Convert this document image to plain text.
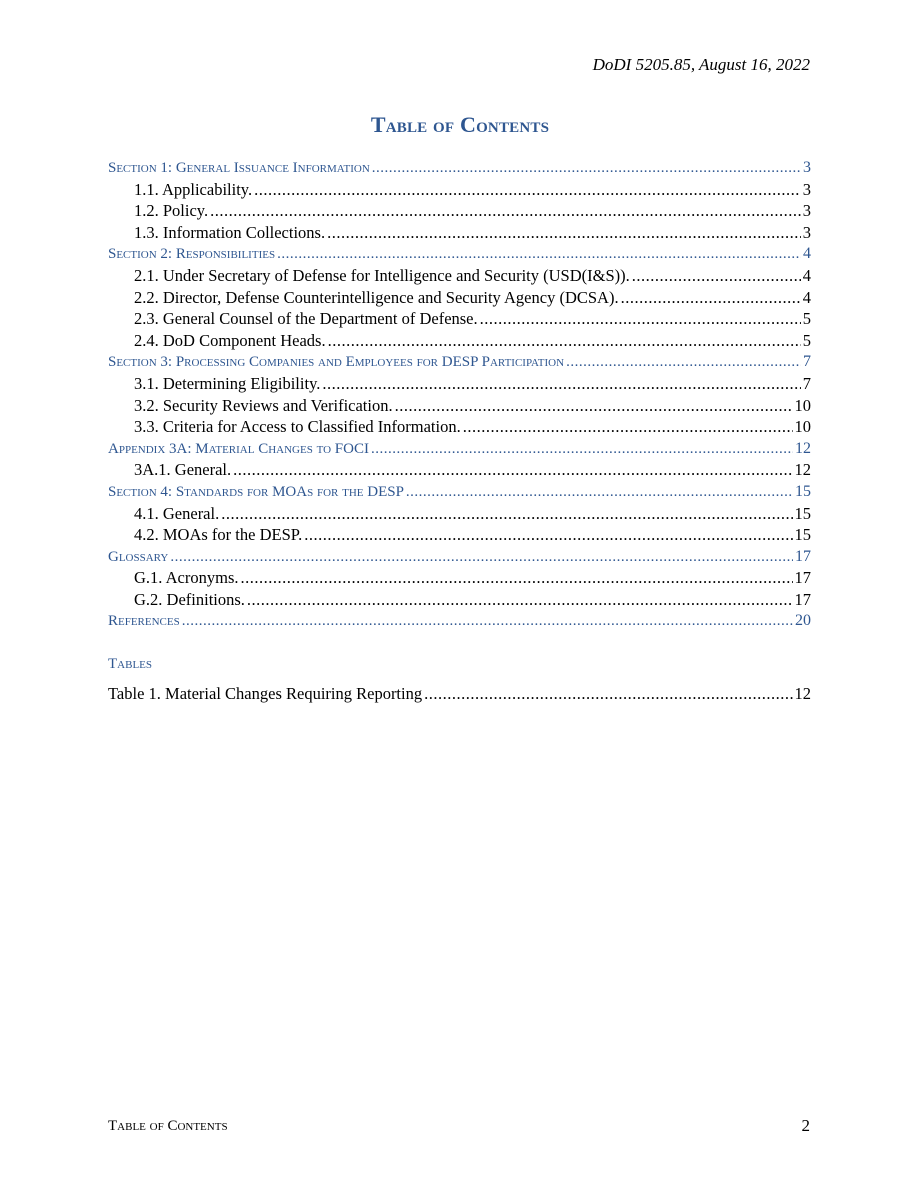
DoDI 5205.85, August 16, 2022
Table of Contents
Section 1: General Issuance Information .....	3
1.1. Applicability. .....	3
1.2. Policy. .....	3
1.3. Information Collections. .....	3
Section 2: Responsibilities .....	4
2.1. Under Secretary of Defense for Intelligence and Security (USD(I&S)). .....	4
2.2. Director, Defense Counterintelligence and Security Agency (DCSA). .....	4
2.3. General Counsel of the Department of Defense. .....	5
2.4. DoD Component Heads. .....	5
Section 3: Processing Companies and Employees for DESP Participation .....	7
3.1. Determining Eligibility. .....	7
3.2. Security Reviews and Verification. .....	10
3.3. Criteria for Access to Classified Information. .....	10
Appendix 3A: Material Changes to FOCI .....	12
3A.1. General. .....	12
Section 4: Standards for MOAs for the DESP .....	15
4.1. General. .....	15
4.2. MOAs for the DESP. .....	15
Glossary .....	17
G.1. Acronyms. .....	17
G.2. Definitions. .....	17
References .....	20
Tables
Table 1. Material Changes Requiring Reporting .....	12
Table of Contents	2
